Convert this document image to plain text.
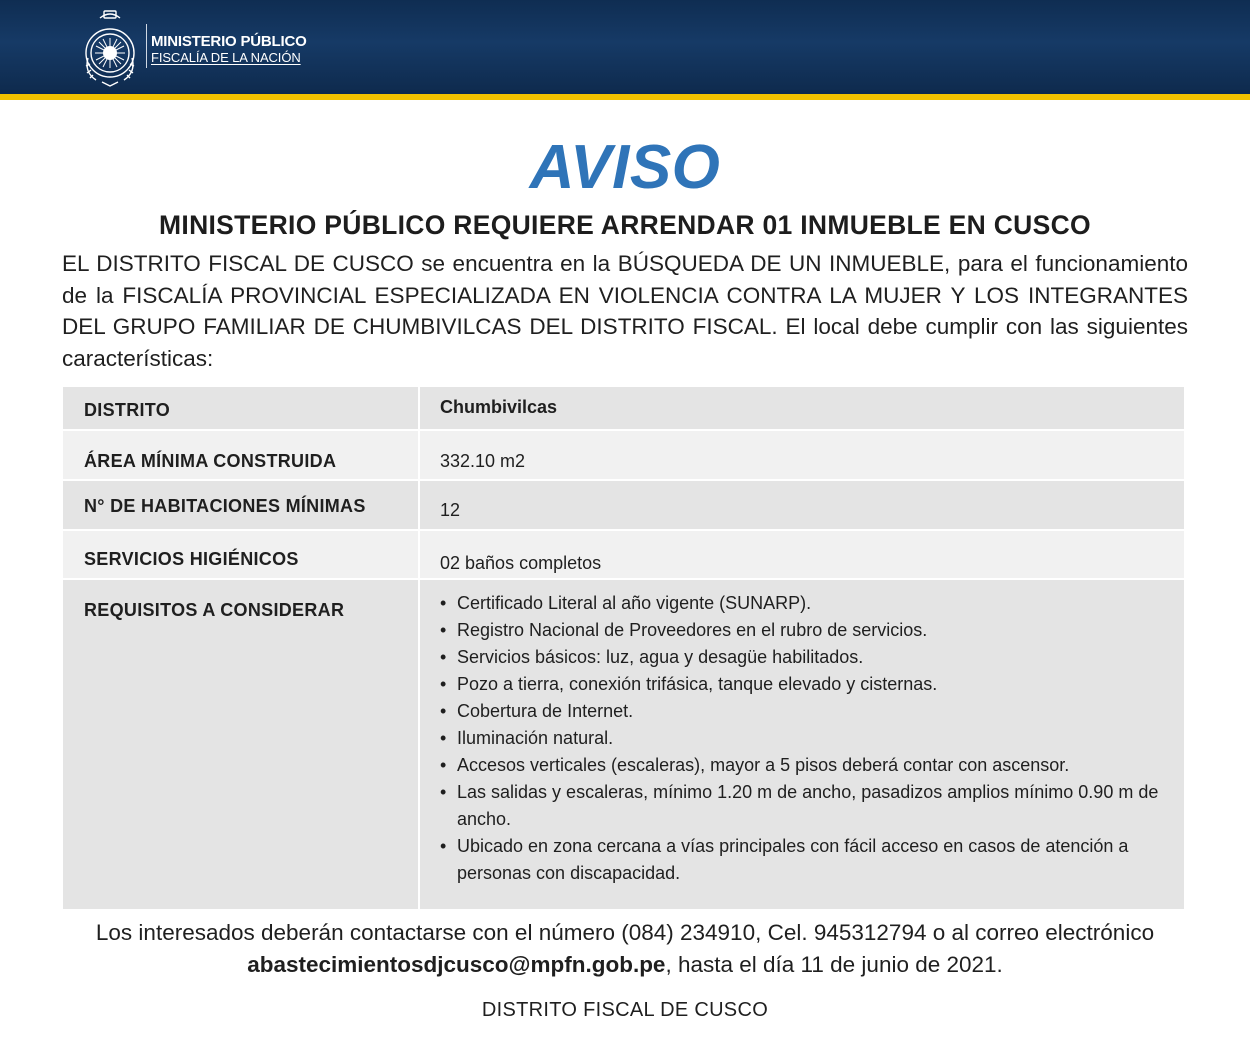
MINISTERIO PÚBLICO
FISCALÍA DE LA NACIÓN
AVISO
MINISTERIO PÚBLICO REQUIERE ARRENDAR 01 INMUEBLE EN CUSCO
EL DISTRITO FISCAL DE CUSCO se encuentra en la BÚSQUEDA DE UN INMUEBLE, para el funcionamiento de la FISCALÍA PROVINCIAL ESPECIALIZADA EN VIOLENCIA CONTRA LA MUJER Y LOS INTEGRANTES DEL GRUPO FAMILIAR DE CHUMBIVILCAS DEL DISTRITO FISCAL. El local debe cumplir con las siguientes características:
DISTRITO	Chumbivilcas
ÁREA MÍNIMA CONSTRUIDA	332.10 m2
N° DE HABITACIONES MÍNIMAS	12
SERVICIOS HIGIÉNICOS	02 baños completos
REQUISITOS A CONSIDERAR
•	Certificado Literal al año vigente (SUNARP).
• Registro Nacional de Proveedores en el rubro de servicios.
• Servicios básicos: luz, agua y desagüe habilitados.
• Pozo a tierra, conexión trifásica, tanque elevado y cisternas.
• Cobertura de Internet.
• Iluminación natural.
• Accesos verticales (escaleras), mayor a 5 pisos deberá contar con ascensor.
• Las salidas y escaleras, mínimo 1.20 m de ancho, pasadizos amplios mínimo 0.90 m de ancho.
• Ubicado en zona cercana a vías principales con fácil acceso en casos de atención a personas con discapacidad.
Los interesados deberán contactarse con el número (084) 234910, Cel. 945312794 o al correo electrónico abastecimientosdjcusco@mpfn.gob.pe, hasta el día 11 de junio de 2021.
DISTRITO FISCAL DE CUSCO
